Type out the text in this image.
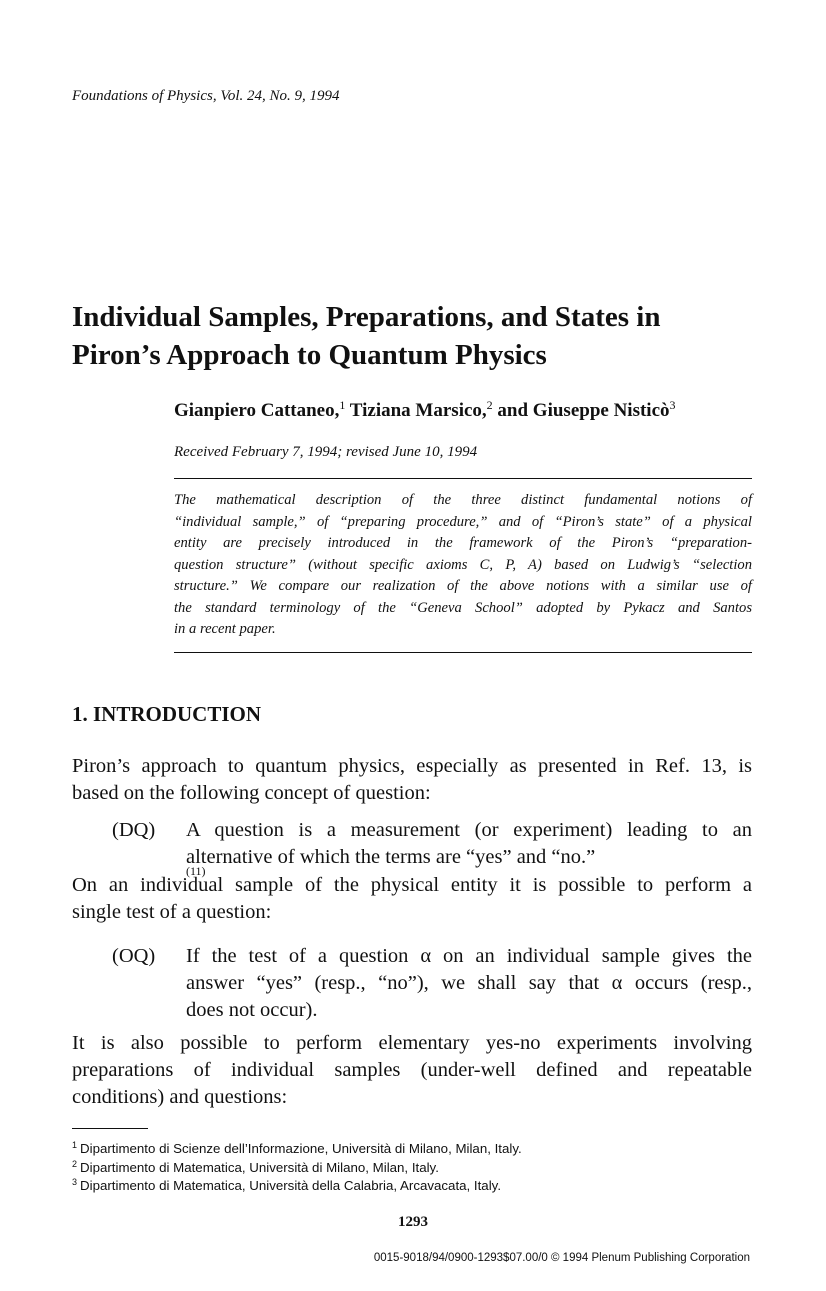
Foundations of Physics, Vol. 24, No. 9, 1994
Individual Samples, Preparations, and States in
Piron’s Approach to Quantum Physics
Gianpiero Cattaneo,$^1$ Tiziana Marsico,$^2$ and Giuseppe Nisticò$^3$
Received February 7, 1994; revised June 10, 1994
The mathematical description of the three distinct fundamental notions of
“individual sample,” of “preparing procedure,” and of “Piron’s state” of a physical
entity are precisely introduced in the framework of the Piron’s “preparation-
question structure” (without specific axioms C, P, A) based on Ludwig’s “selection
structure.” We compare our realization of the above notions with a similar use of
the standard terminology of the “Geneva School” adopted by Pykacz and Santos
in a recent paper.
1. INTRODUCTION
Piron’s approach to quantum physics, especially as presented in Ref. 13, is
based on the following concept of question:
(DQ) A question is a measurement (or experiment) leading to an
alternative of which the terms are “yes” and “no.”
(11)
On an individual sample of the physical entity it is possible to perform a
single test of a question:
(OQ) If the test of a question α on an individual sample gives the
answer “yes” (resp., “no”), we shall say that α occurs (resp.,
does not occur).
It is also possible to perform elementary yes-no experiments involving
preparations of individual samples (under-well defined and repeatable
conditions) and questions:
$^1$ Dipartimento di Scienze dell’Informazione, Università di Milano, Milan, Italy.
$^2$ Dipartimento di Matematica, Università di Milano, Milan, Italy.
$^3$ Dipartimento di Matematica, Università della Calabria, Arcavacata, Italy.
1293
0015-9018/94/0900-1293$07.00/0 © 1994 Plenum Publishing Corporation
